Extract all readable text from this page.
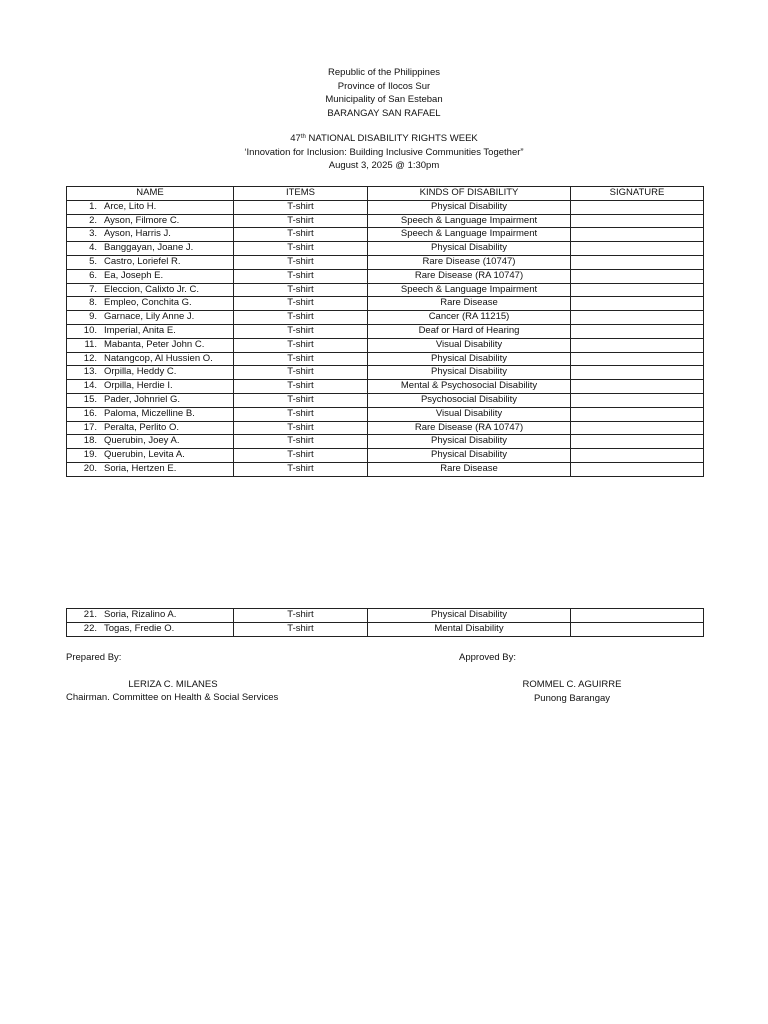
Republic of the Philippines
Province of Ilocos Sur
Municipality of San Esteban
BARANGAY SAN RAFAEL
47th NATIONAL DISABILITY RIGHTS WEEK
‘Innovation for Inclusion: Building Inclusive Communities Together”
August 3, 2025 @ 1:30pm
NAME	ITEMS	KINDS OF DISABILITY	SIGNATURE

1. Arce, Lito H.	T-shirt	Physical Disability	

2. Ayson, Filmore C.	T-shirt	Speech & Language Impairment	

3. Ayson, Harris J.	T-shirt	Speech & Language Impairment	

4. Banggayan, Joane J.	T-shirt	Physical Disability	

5. Castro, Loriefel R.	T-shirt	Rare Disease (10747)	

6. Ea, Joseph E.	T-shirt	Rare Disease (RA 10747)	

7. Eleccion, Calixto Jr. C.	T-shirt	Speech & Language Impairment	

8. Empleo, Conchita G.	T-shirt	Rare Disease	

9. Garnace, Lily Anne J.	T-shirt	Cancer (RA 11215)	

10. Imperial, Anita E.	T-shirt	Deaf or Hard of Hearing	

11. Mabanta, Peter John C.	T-shirt	Visual Disability	

12. Natangcop, Al Hussien O.	T-shirt	Physical Disability	

13. Orpilla, Heddy C.	T-shirt	Physical Disability	

14. Orpilla, Herdie I.	T-shirt	Mental & Psychosocial Disability	

15. Pader, Johnriel G.	T-shirt	Psychosocial Disability	

16. Paloma, Miczelline B.	T-shirt	Visual Disability	

17. Peralta, Perlito O.	T-shirt	Rare Disease (RA 10747)	

18. Querubin, Joey A.	T-shirt	Physical Disability	

19. Querubin, Levita A.	T-shirt	Physical Disability	

20. Soria, Hertzen E.	T-shirt	Rare Disease	
21. Soria, Rizalino A.	T-shirt	Physical Disability	

22. Togas, Fredie O.	T-shirt	Mental Disability	
Prepared By:	Approved By:
LERIZA C. MILANES
Chairman. Committee on Health & Social Services
ROMMEL C. AGUIRRE
Punong Barangay
